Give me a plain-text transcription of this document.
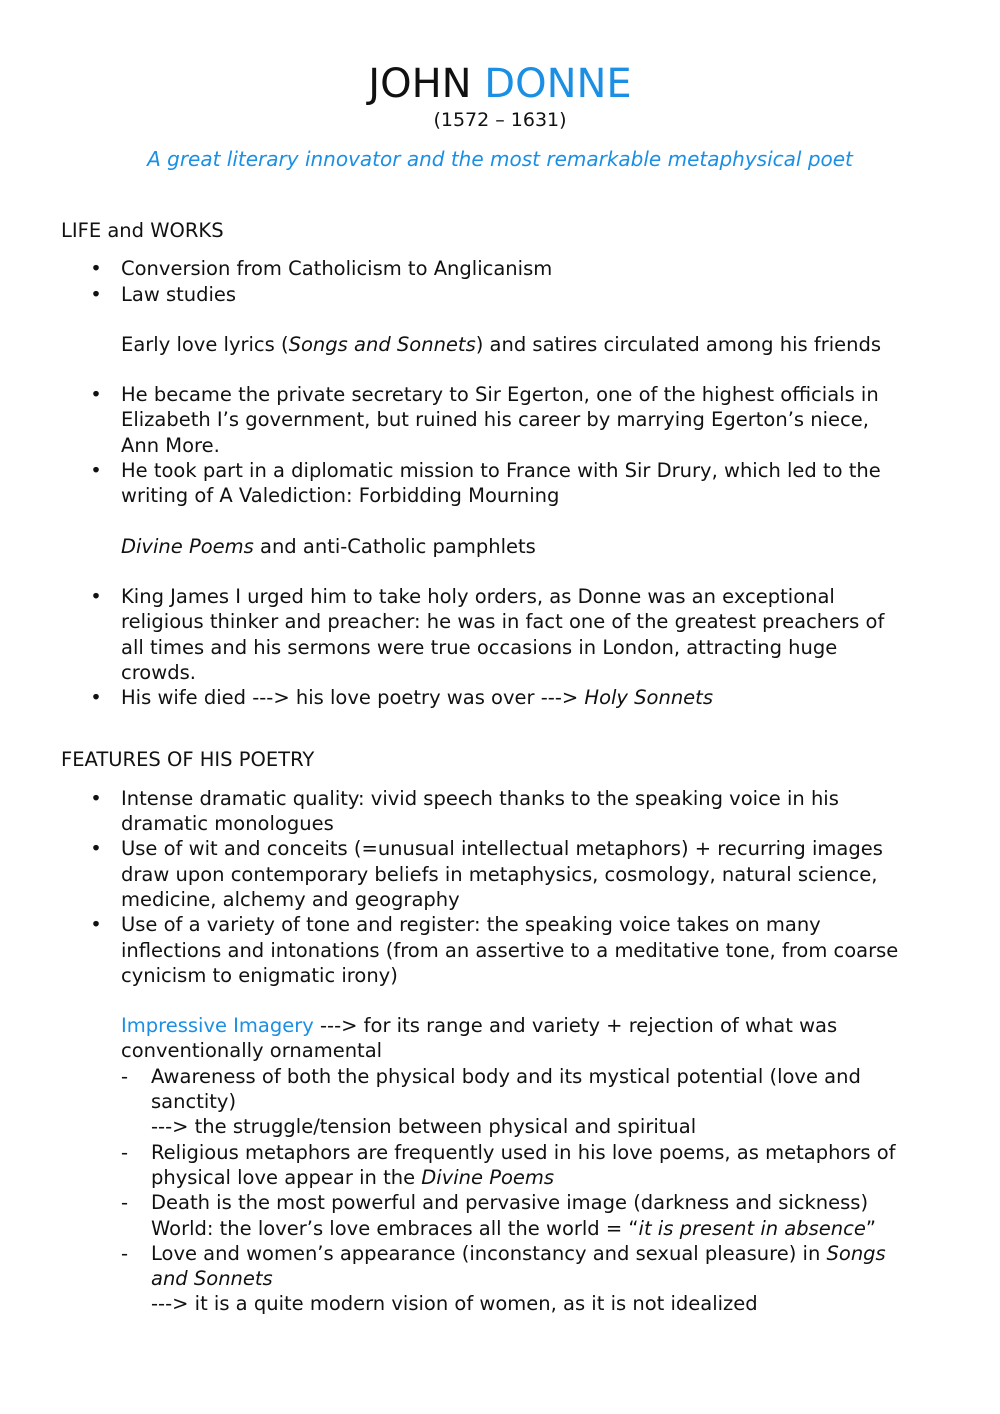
JOHN DONNE
(1572 – 1631)
A great literary innovator and the most remarkable metaphysical poet
LIFE and WORKS
• Conversion from Catholicism to Anglicanism
• Law studies
Early love lyrics (Songs and Sonnets) and satires circulated among his friends
• He became the private secretary to Sir Egerton, one of the highest officials in
Elizabeth I’s government, but ruined his career by marrying Egerton’s niece,
Ann More.
• He took part in a diplomatic mission to France with Sir Drury, which led to the
writing of A Valediction: Forbidding Mourning
Divine Poems and anti-Catholic pamphlets
• King James I urged him to take holy orders, as Donne was an exceptional
religious thinker and preacher: he was in fact one of the greatest preachers of
all times and his sermons were true occasions in London, attracting huge
crowds.
• His wife died ---> his love poetry was over ---> Holy Sonnets
FEATURES OF HIS POETRY
• Intense dramatic quality: vivid speech thanks to the speaking voice in his
dramatic monologues
• Use of wit and conceits (=unusual intellectual metaphors) + recurring images
draw upon contemporary beliefs in metaphysics, cosmology, natural science,
medicine, alchemy and geography
• Use of a variety of tone and register: the speaking voice takes on many
inflections and intonations (from an assertive to a meditative tone, from coarse
cynicism to enigmatic irony)
Impressive Imagery ---> for its range and variety + rejection of what was
conventionally ornamental
- Awareness of both the physical body and its mystical potential (love and
sanctity)
---> the struggle/tension between physical and spiritual
- Religious metaphors are frequently used in his love poems, as metaphors of
physical love appear in the Divine Poems
- Death is the most powerful and pervasive image (darkness and sickness)
World: the lover’s love embraces all the world = “it is present in absence”
- Love and women’s appearance (inconstancy and sexual pleasure) in Songs
and Sonnets
---> it is a quite modern vision of women, as it is not idealized
